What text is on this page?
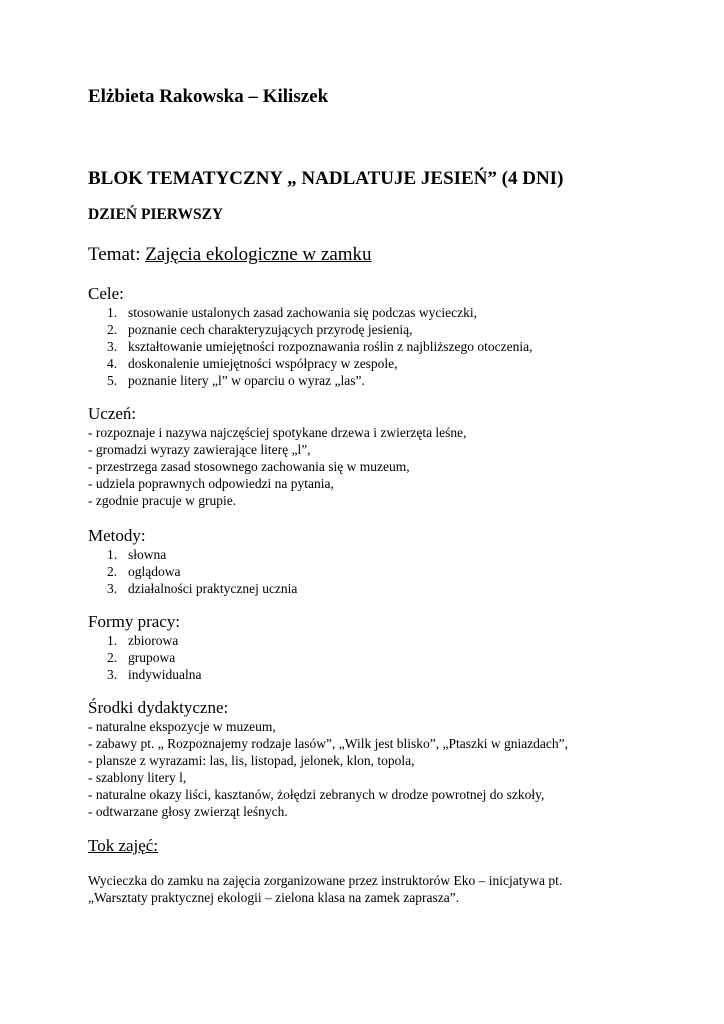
Elżbieta Rakowska – Kiliszek
BLOK TEMATYCZNY „ NADLATUJE JESIEŃ” (4 DNI)
DZIEŃ PIERWSZY
Temat: Zajęcia ekologiczne w zamku
Cele:
1. stosowanie ustalonych zasad zachowania się podczas wycieczki,
2. poznanie cech charakteryzujących przyrodę jesienią,
3. kształtowanie umiejętności rozpoznawania roślin z najbliższego otoczenia,
4. doskonalenie umiejętności współpracy w zespole,
5. poznanie litery „l” w oparciu o wyraz „las”.
Uczeń:
- rozpoznaje i nazywa najczęściej spotykane drzewa i zwierzęta leśne,
- gromadzi wyrazy zawierające literę „l”,
- przestrzega zasad stosownego zachowania się w muzeum,
- udziela poprawnych odpowiedzi na pytania,
- zgodnie pracuje w grupie.
Metody:
1. słowna
2. oglądowa
3. działalności praktycznej ucznia
Formy pracy:
1. zbiorowa
2. grupowa
3. indywidualna
Środki dydaktyczne:
- naturalne ekspozycje w muzeum,
- zabawy pt. „ Rozpoznajemy rodzaje lasów”, „Wilk jest blisko”, „Ptaszki w gniazdach”,
- plansze z wyrazami: las, lis, listopad, jelonek, klon, topola,
- szablony litery l,
- naturalne okazy liści, kasztanów, żołędzi zebranych w drodze powrotnej do szkoły,
- odtwarzane głosy zwierząt leśnych.
Tok zajęć:
Wycieczka do zamku na zajęcia zorganizowane przez instruktorów Eko – inicjatywa pt.
„Warsztaty praktycznej ekologii – zielona klasa na zamek zaprasza”.
